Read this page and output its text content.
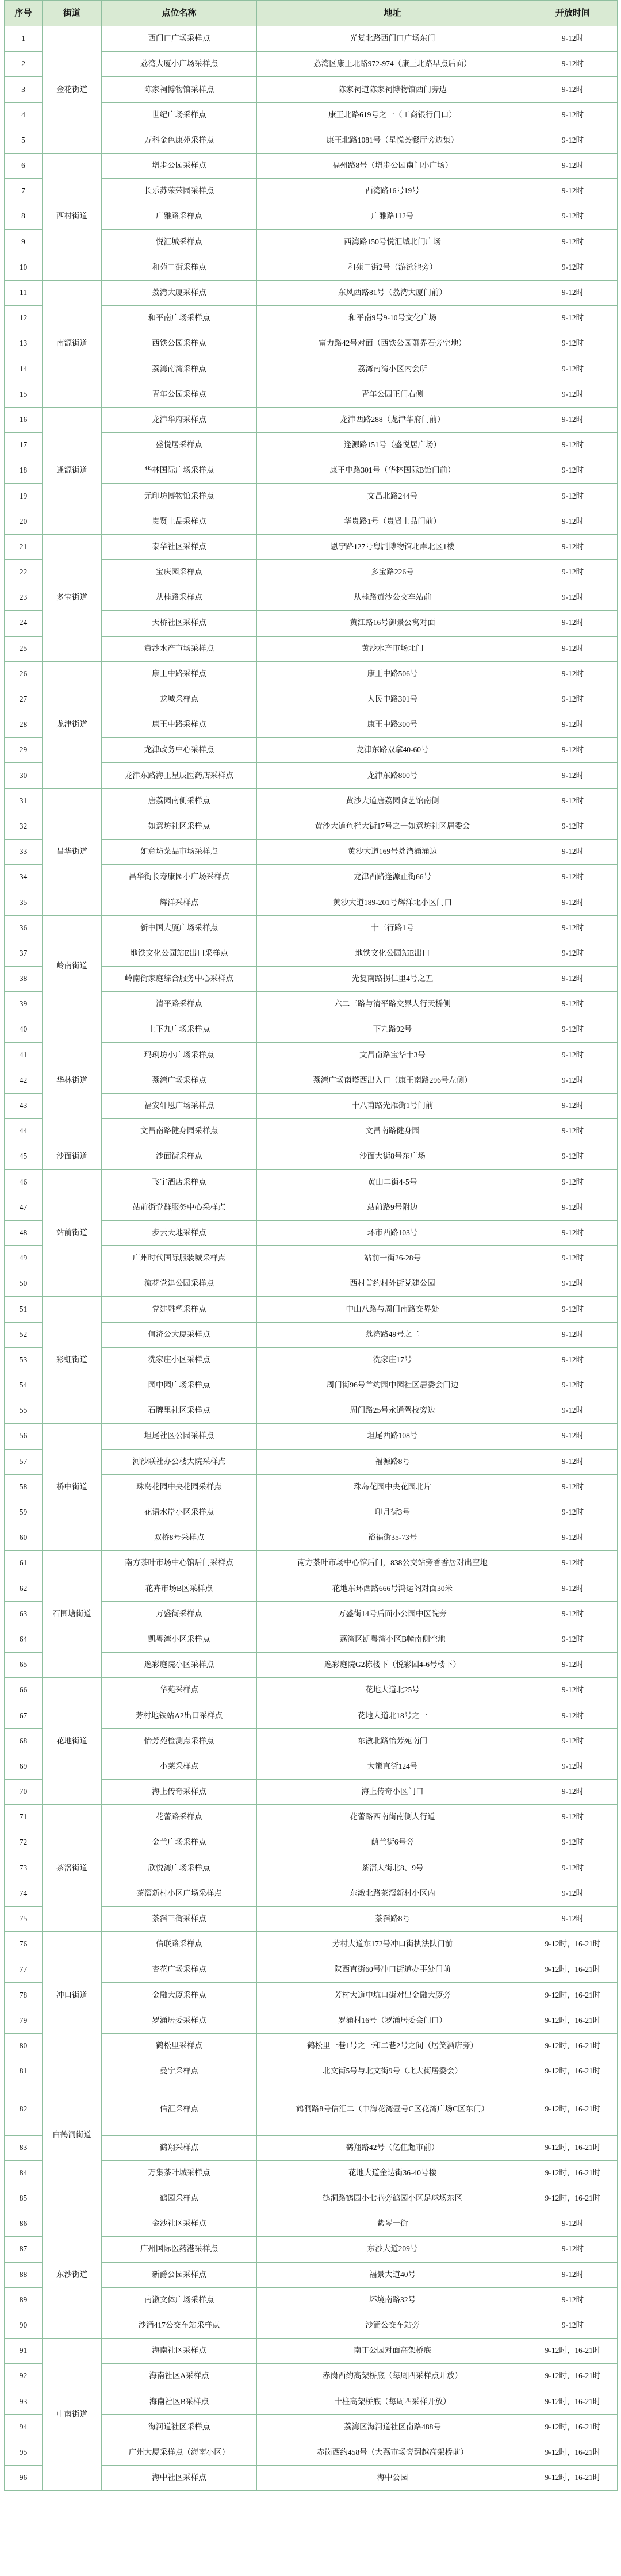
序号	街道	点位名称	地址	开放时间
1	金花街道	西门口广场采样点	光复北路西门口广场东门	9-12时
2		荔湾大厦小广场采样点	荔湾区康王北路972-974（康王北路早点后面）	9-12时
3		陈家祠博物馆采样点	陈家祠道陈家祠博物馆西门旁边	9-12时
4		世纪广场采样点	康王北路619号之一（工商银行门口）	9-12时
5		万科金色康苑采样点	康王北路1081号（星悦荟餐厅旁边集）	9-12时
6	西村街道	增步公园采样点	福州路8号（增步公园南门小广场）	9-12时
7		长乐苏荣荣园采样点	西湾路16号19号	9-12时
8		广雅路采样点	广雅路112号	9-12时
9		悦汇城采样点	西湾路150号悦汇城北门广场	9-12时
10		和苑二街采样点	和苑二街2号（游泳池旁）	9-12时
11	南源街道	荔湾大厦采样点	东风西路81号（荔湾大厦门前）	9-12时
12		和平南广场采样点	和平南9号9-10号文化广场	9-12时
13		西铁公园采样点	富力路42号对面（西铁公园萧界石旁空地）	9-12时
14		荔湾南湾采样点	荔湾南湾小区内会所	9-12时
15		青年公园采样点	青年公园正门右侧	9-12时
16	逢源街道	龙津华府采样点	龙津西路288（龙津华府门前）	9-12时
17		盛悦居采样点	逢源路151号（盛悦居广场）	9-12时
18		华林国际广场采样点	康王中路301号（华林国际B馆门前）	9-12时
19		元印坊博物馆采样点	文昌北路244号	9-12时
20		贵贤上品采样点	华贵路1号（贵贤上品门前）	9-12时
21	多宝街道	泰华社区采样点	恩宁路127号粤剧博物馆北岸北区1楼	9-12时
22		宝庆园采样点	多宝路226号	9-12时
23		从桂路采样点	从桂路黄沙公交车站前	9-12时
24		天桥社区采样点	黄江路16号御景公寓对面	9-12时
25		黄沙水产市场采样点	黄沙水产市场北门	9-12时
26	龙津街道	康王中路采样点	康王中路506号	9-12时
27		龙城采样点	人民中路301号	9-12时
28		康王中路采样点	康王中路300号	9-12时
29		龙津政务中心采样点	龙津东路双拿40-60号	9-12时
30		龙津东路海王星辰医药店采样点	龙津东路800号	9-12时
31	昌华街道	唐荔园南侧采样点	黄沙大道唐荔园食艺馆南侧	9-12时
32		如意坊社区采样点	黄沙大道鱼栏大街17号之一如意坊社区居委会	9-12时
33		如意坊菜品市场采样点	黄沙大道169号荔湾涌涌边	9-12时
34		昌华街长寿康园小广场采样点	龙津西路逢源正街66号	9-12时
35		辉洋采样点	黄沙大道189-201号辉洋北小区门口	9-12时
36	岭南街道	新中国大厦广场采样点	十三行路1号	9-12时
37		地铁文化公园站E出口采样点	地铁文化公园站E出口	9-12时
38		岭南街家庭综合服务中心采样点	光复南路拐仁里4号之五	9-12时
39		清平路采样点	六二三路与清平路交界人行天桥侧	9-12时
40	华林街道	上下九广场采样点	下九路92号	9-12时
41		玛琍坊小广场采样点	文昌南路宝华十3号	9-12时
42		荔湾广场采样点	荔湾广场南塔西出入口（康王南路296号左侧）	9-12时
43		福安轩恩广场采样点	十八甫路光雁街1号门前	9-12时
44		文昌南路健身园采样点	文昌南路健身园	9-12时
45	沙面街道	沙面街采样点	沙面大街8号东广场	9-12时
46	站前街道	飞宇酒店采样点	黄山二街4-5号	9-12时
47		站前街党群服务中心采样点	站前路9号附边	9-12时
48		步云天地采样点	环市西路103号	9-12时
49		广州时代国际服装城采样点	站前一街26-28号	9-12时
50		流花党建公园采样点	西村首约村外街党建公园	9-12时
51	彩虹街道	党建雕塑采样点	中山八路与周门南路交界处	9-12时
52		何济公大厦采样点	荔湾路49号之二	9-12时
53		洗家庄小区采样点	洗家庄17号	9-12时
54		园中园广场采样点	周门街96号首约园中园社区居委会门边	9-12时
55		石牌里社区采样点	周门路25号永通驾校旁边	9-12时
56	桥中街道	坦尾社区公园采样点	坦尾西路108号	9-12时
57		河沙联社办公楼大院采样点	福源路8号	9-12时
58		珠岛花园中央花园采样点	珠岛花园中央花园北片	9-12时
59		花语水岸小区采样点	印月街3号	9-12时
60		双桥8号采样点	裕福街35-73号	9-12时
61	石围塘街道	南方茶叶市场中心馆后门采样点	南方茶叶市场中心馆后门，838公交站旁香香居对出空地	9-12时
62		花卉市场B区采样点	花地东环西路666号鸿运阁对面30米	9-12时
63		万盛街采样点	万盛街14号后面小公园中医院旁	9-12时
64		凯粤湾小区采样点	荔湾区凯粤湾小区B幢南侧空地	9-12时
65		逸彩庭院小区采样点	逸彩庭院G2栋楼下（悦彩园4-6号楼下）	9-12时
66	花地街道	华苑采样点	花地大道北25号	9-12时
67		芳村地铁站A2出口采样点	花地大道北18号之一	9-12时
68		怡芳苑检测点采样点	东漖北路怡芳苑南门	9-12时
69		小莱采样点	大策直街124号	9-12时
70		海上传奇采样点	海上传奇小区门口	9-12时
71	茶滘街道	花蕾路采样点	花蕾路西南街南侧人行道	9-12时
72		金兰广场采样点	荫兰街6号旁	9-12时
73		欣悦湾广场采样点	茶滘大街北8、9号	9-12时
74		茶滘新村小区广场采样点	东漖北路茶滘新村小区内	9-12时
75		茶滘三街采样点	茶滘路8号	9-12时
76	冲口街道	信联路采样点	芳村大道东172号冲口街执法队门前	9-12时，16-21时
77		杏花广场采样点	陕西直街60号冲口街道办事处门前	9-12时，16-21时
78		金融大厦采样点	芳村大道中坑口街对出金融大厦旁	9-12时，16-21时
79		罗涌居委采样点	罗涌村16号（罗涌居委会门口）	9-12时，16-21时
80		鹤松里采样点	鹤松里一巷1号之一和二巷2号之间（居笑酒店旁）	9-12时，16-21时
81	白鹤洞街道	曼宁采样点	北文街5号与北文街9号（北大街居委会）	9-12时，16-21时
82		信汇采样点	鹤洞路8号信汇二（中海花湾壹号C区花湾广场C区东门）	9-12时，16-21时
83		鹤翔采样点	鹤翔路42号（亿佳超市前）	9-12时，16-21时
84		万集茶叶城采样点	花地大道金达街36-40号楼	9-12时，16-21时
85		鹤园采样点	鹤洞路鹤园小七巷旁鹤园小区足球场东区	9-12时，16-21时
86	东沙街道	金沙社区采样点	紫琴一街	9-12时
87		广州国际医药港采样点	东沙大道209号	9-12时
88		新爵公园采样点	福景大道40号	9-12时
89		南漖文体广场采样点	坏境南路32号	9-12时
90		沙涌417公交车站采样点	沙涌公交车站旁	9-12时
91	中南街道	海南社区采样点	南丁公园对面高架桥底	9-12时，16-21时
92		海南社区A采样点	赤岗西约高架桥底（每周四采样点开放）	9-12时，16-21时
93		海南社区B采样点	十柱高架桥底（每周四采样开放）	9-12时，16-21时
94		海河道社区采样点	荔湾区海河道社区南路488号	9-12时，16-21时
95		广州大厦采样点（海南小区）	赤岗西约458号（大荔市场旁翻越高架桥前）	9-12时，16-21时
96		海中社区采样点	海中公园	9-12时，16-21时
